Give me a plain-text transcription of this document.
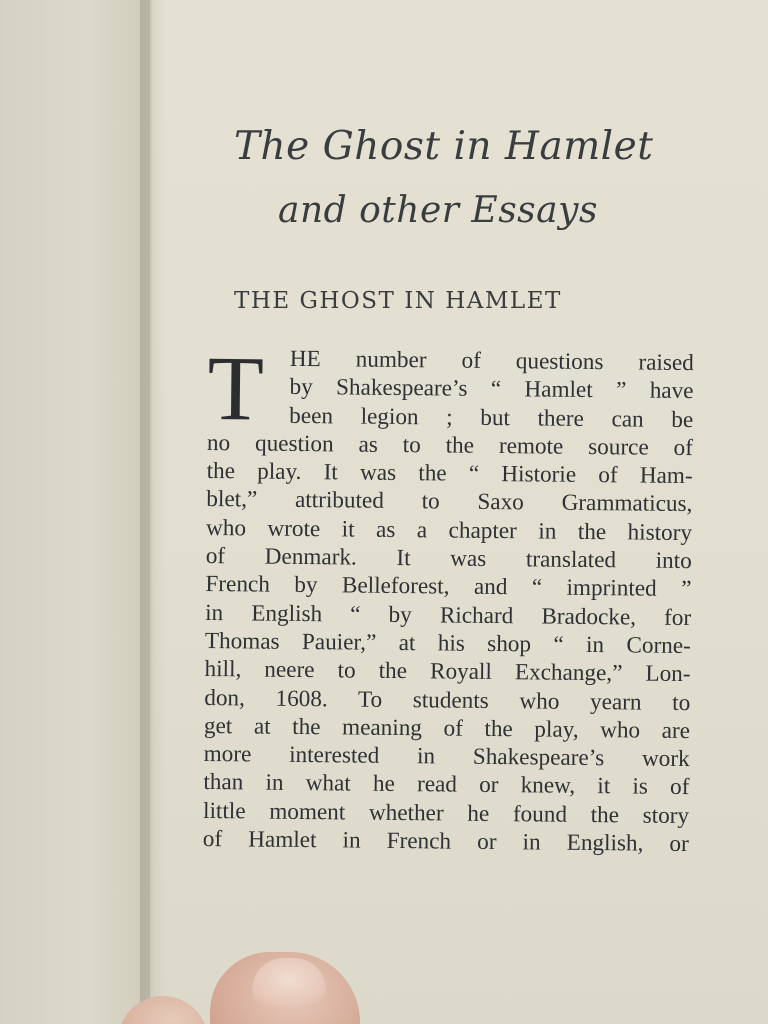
The Ghost in Hamlet
and other Essays
THE GHOST IN HAMLET
T	HE number of questions raised
by Shakespeare’s “ Hamlet ” have
been legion ; but there can be
no question as to the remote source of
the play. It was the “ Historie of Ham-
blet,” attributed to Saxo Grammaticus,
who wrote it as a chapter in the history
of Denmark. It was translated into
French by Belleforest, and “ imprinted ”
in English “ by Richard Bradocke, for
Thomas Pauier,” at his shop “ in Corne-
hill, neere to the Royall Exchange,” Lon-
don, 1608. To students who yearn to
get at the meaning of the play, who are
more interested in Shakespeare’s work
than in what he read or knew, it is of
little moment whether he found the story
of Hamlet in French or in English, or
